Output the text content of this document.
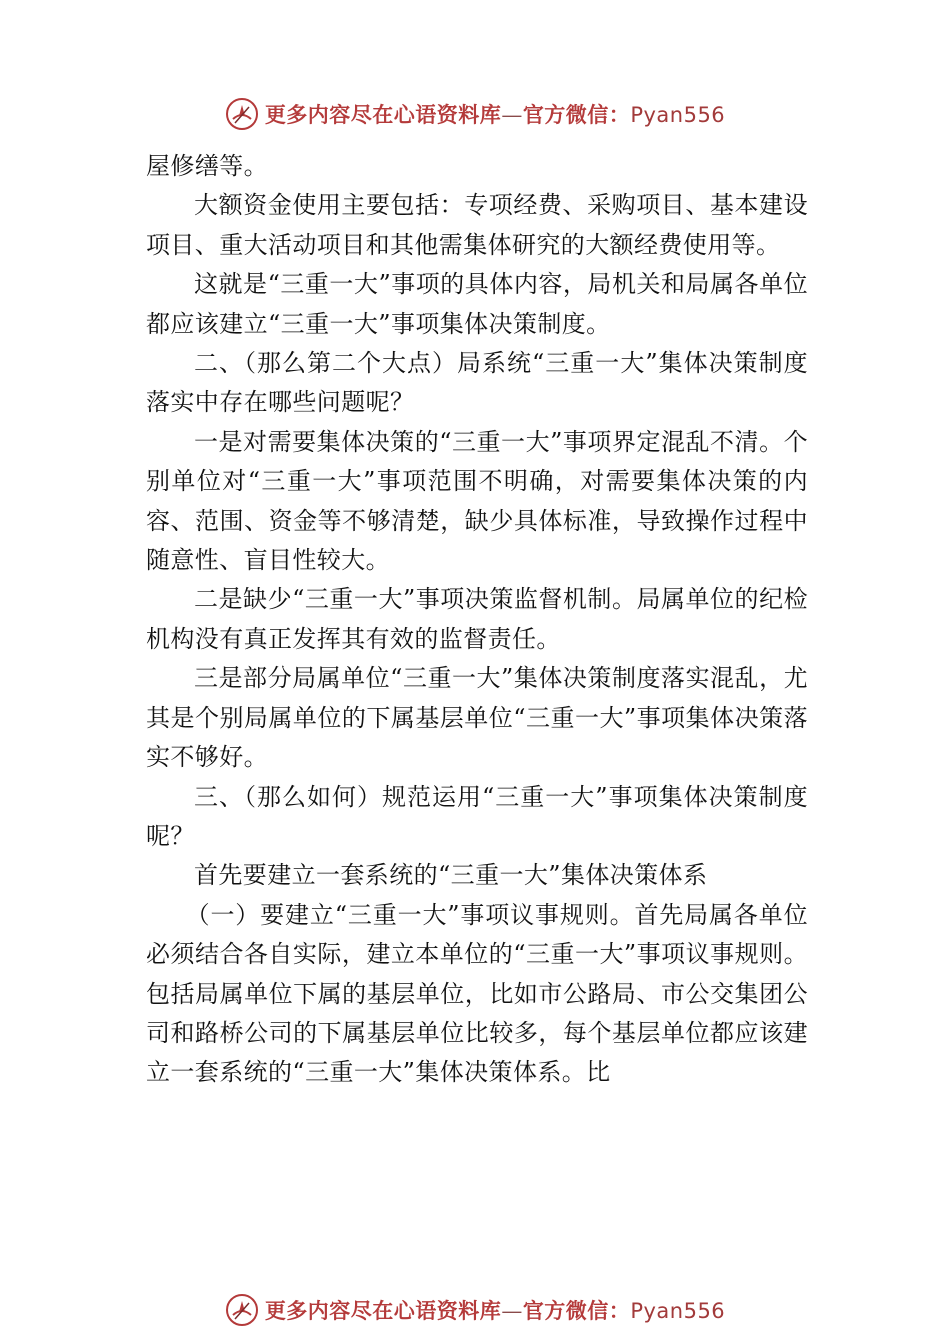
更多内容尽在心语资料库—官方微信：Pyan556

屋修缮等。

大额资金使用主要包括：专项经费、采购项目、基本建设项目、重大活动项目和其他需集体研究的大额经费使用等。

这就是“三重一大”事项的具体内容，局机关和局属各单位都应该建立“三重一大”事项集体决策制度。

二、（那么第二个大点）局系统“三重一大”集体决策制度落实中存在哪些问题呢？

一是对需要集体决策的“三重一大”事项界定混乱不清。个别单位对“三重一大”事项范围不明确，对需要集体决策的内容、范围、资金等不够清楚，缺少具体标准，导致操作过程中随意性、盲目性较大。

二是缺少“三重一大”事项决策监督机制。局属单位的纪检机构没有真正发挥其有效的监督责任。

三是部分局属单位“三重一大”集体决策制度落实混乱，尤其是个别局属单位的下属基层单位“三重一大”事项集体决策落实不够好。

三、（那么如何）规范运用“三重一大”事项集体决策制度呢？

首先要建立一套系统的“三重一大”集体决策体系

（一）要建立“三重一大”事项议事规则。首先局属各单位必须结合各自实际，建立本单位的“三重一大”事项议事规则。包括局属单位下属的基层单位，比如市公路局、市公交集团公司和路桥公司的下属基层单位比较多，每个基层单位都应该建立一套系统的“三重一大”集体决策体系。比

更多内容尽在心语资料库—官方微信：Pyan556
